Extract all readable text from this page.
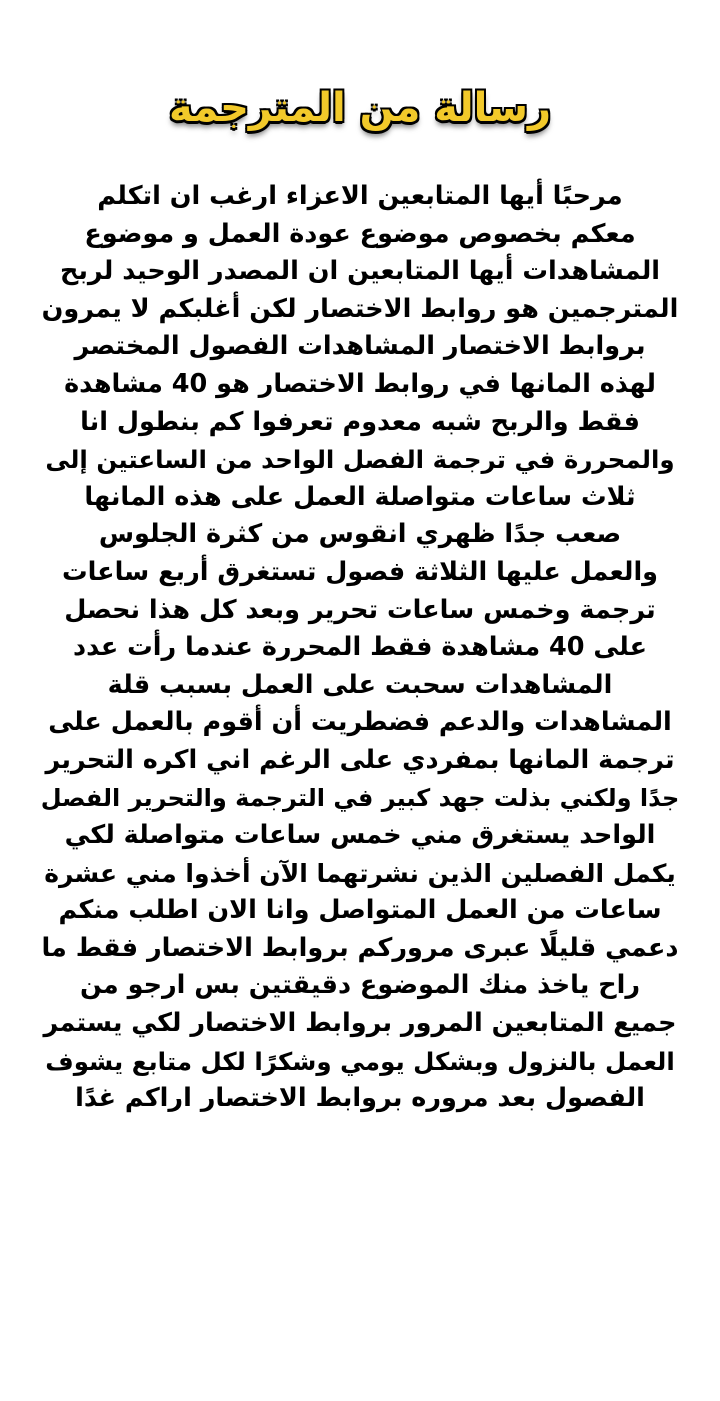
رسالة من المترجمة
مرحبًا أيها المتابعين الاعزاء ارغب ان اتكلم
معكم بخصوص موضوع عودة العمل و موضوع
المشاهدات أيها المتابعين ان المصدر الوحيد لربح
المترجمين هو روابط الاختصار لكن أغلبكم لا يمرون
بروابط الاختصار المشاهدات الفصول المختصر
لهذه المانها في روابط الاختصار هو 40 مشاهدة
فقط والربح شبه معدوم تعرفوا كم بنطول انا
والمحررة في ترجمة الفصل الواحد من الساعتين إلى
ثلاث ساعات متواصلة العمل على هذه المانها
صعب جدًا ظهري انقوس من كثرة الجلوس
والعمل عليها الثلاثة فصول تستغرق أربع ساعات
ترجمة وخمس ساعات تحرير وبعد كل هذا نحصل
على 40 مشاهدة فقط المحررة عندما رأت عدد
المشاهدات سحبت على العمل بسبب قلة
المشاهدات والدعم فضطريت أن أقوم بالعمل على
ترجمة المانها بمفردي على الرغم اني اكره التحرير
جدًا ولكني بذلت جهد كبير في الترجمة والتحرير الفصل
الواحد يستغرق مني خمس ساعات متواصلة لكي
يكمل الفصلين الذين نشرتهما الآن أخذوا مني عشرة
ساعات من العمل المتواصل وانا الان اطلب منكم
دعمي قليلًا عبرى مروركم بروابط الاختصار فقط ما
راح ياخذ منك الموضوع دقيقتين بس ارجو من
جميع المتابعين المرور بروابط الاختصار لكي يستمر
العمل بالنزول وبشكل يومي وشكرًا لكل متابع يشوف
الفصول بعد مروره بروابط الاختصار اراكم غدًا
